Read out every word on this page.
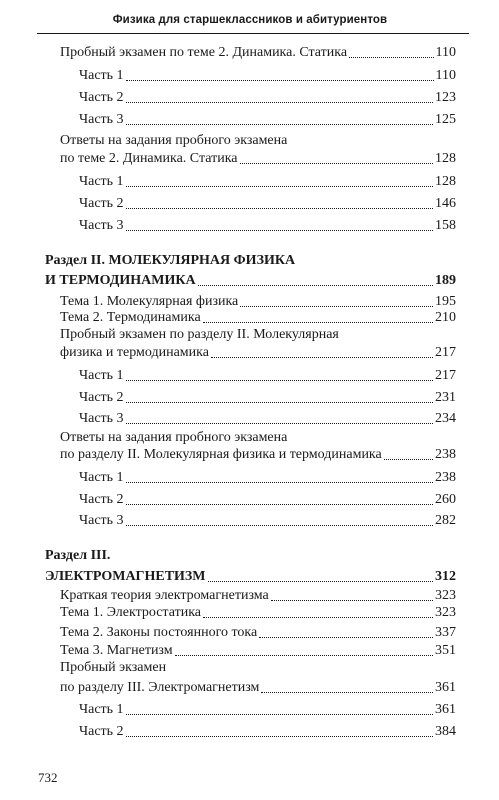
Физика для старшеклассников и абитуриентов
Пробный экзамен по теме 2. Динамика. Статика	110
Часть 1	110
Часть 2	123
Часть 3	125
Ответы на задания пробного экзамена
по теме 2. Динамика. Статика	128
Часть 1	128
Часть 2	146
Часть 3	158
Раздел II. МОЛЕКУЛЯРНАЯ ФИЗИКА
И ТЕРМОДИНАМИКА	189
Тема 1. Молекулярная физика	195
Тема 2. Термодинамика	210
Пробный экзамен по разделу II. Молекулярная
физика и термодинамика	217
Часть 1	217
Часть 2	231
Часть 3	234
Ответы на задания пробного экзамена
по разделу II. Молекулярная физика и термодинамика	238
Часть 1	238
Часть 2	260
Часть 3	282
Раздел III.
ЭЛЕКТРОМАГНЕТИЗМ	312
Краткая теория электромагнетизма	323
Тема 1. Электростатика	323
Тема 2. Законы постоянного тока	337
Тема 3. Магнетизм	351
Пробный экзамен
по разделу III. Электромагнетизм	361
Часть 1	361
Часть 2	384
732
